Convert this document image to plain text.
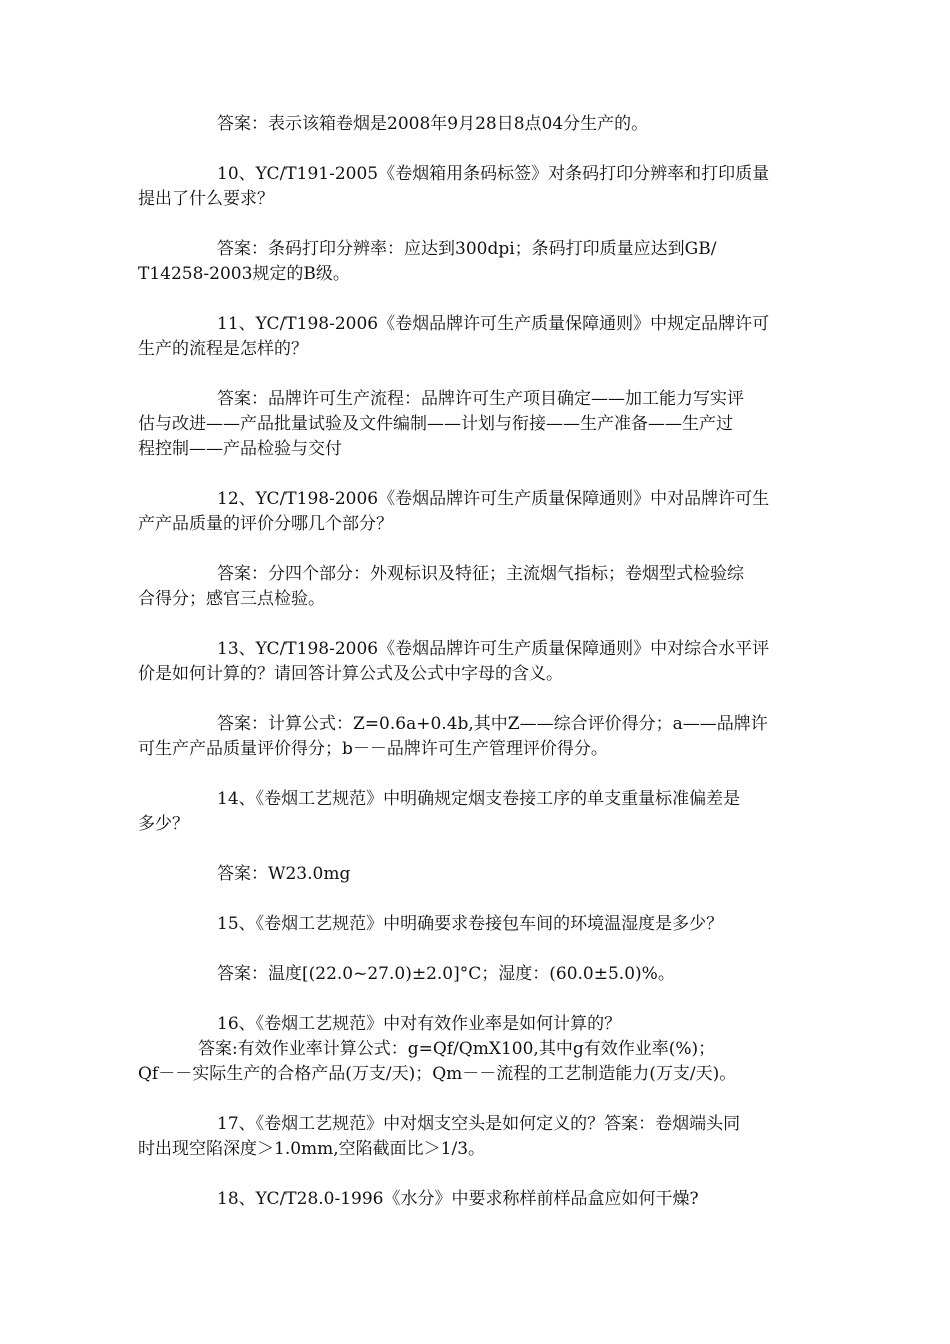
答案：表示该箱卷烟是2008年9月28日8点04分生产的。
10、YC/T191-2005《卷烟箱用条码标签》对条码打印分辨率和打印质量
提出了什么要求？
答案：条码打印分辨率：应达到300dpi；条码打印质量应达到GB/
T14258-2003规定的B级。
11、YC/T198-2006《卷烟品牌许可生产质量保障通则》中规定品牌许可
生产的流程是怎样的？
答案：品牌许可生产流程：品牌许可生产项目确定——加工能力写实评
估与改进——产品批量试验及文件编制——计划与衔接——生产准备——生产过
程控制——产品检验与交付
12、YC/T198-2006《卷烟品牌许可生产质量保障通则》中对品牌许可生
产产品质量的评价分哪几个部分？
答案：分四个部分：外观标识及特征；主流烟气指标；卷烟型式检验综
合得分；感官三点检验。
13、YC/T198-2006《卷烟品牌许可生产质量保障通则》中对综合水平评
价是如何计算的？请回答计算公式及公式中字母的含义。
答案：计算公式：Z=0.6a+0.4b,其中Z——综合评价得分；a——品牌许
可生产产品质量评价得分；b－－品牌许可生产管理评价得分。
14、《卷烟工艺规范》中明确规定烟支卷接工序的单支重量标准偏差是
多少？
答案：W23.0mg
15、《卷烟工艺规范》中明确要求卷接包车间的环境温湿度是多少？
答案：温度[(22.0~27.0)±2.0]°C；湿度：(60.0±5.0)%。
16、《卷烟工艺规范》中对有效作业率是如何计算的？
答案:有效作业率计算公式：g=Qf/QmX100,其中g有效作业率(%)；
Qf－－实际生产的合格产品(万支/天)；Qm－－流程的工艺制造能力(万支/天)。
17、《卷烟工艺规范》中对烟支空头是如何定义的？答案：卷烟端头同
时出现空陷深度＞1.0mm,空陷截面比＞1/3。
18、YC/T28.0-1996《水分》中要求称样前样品盒应如何干燥?
